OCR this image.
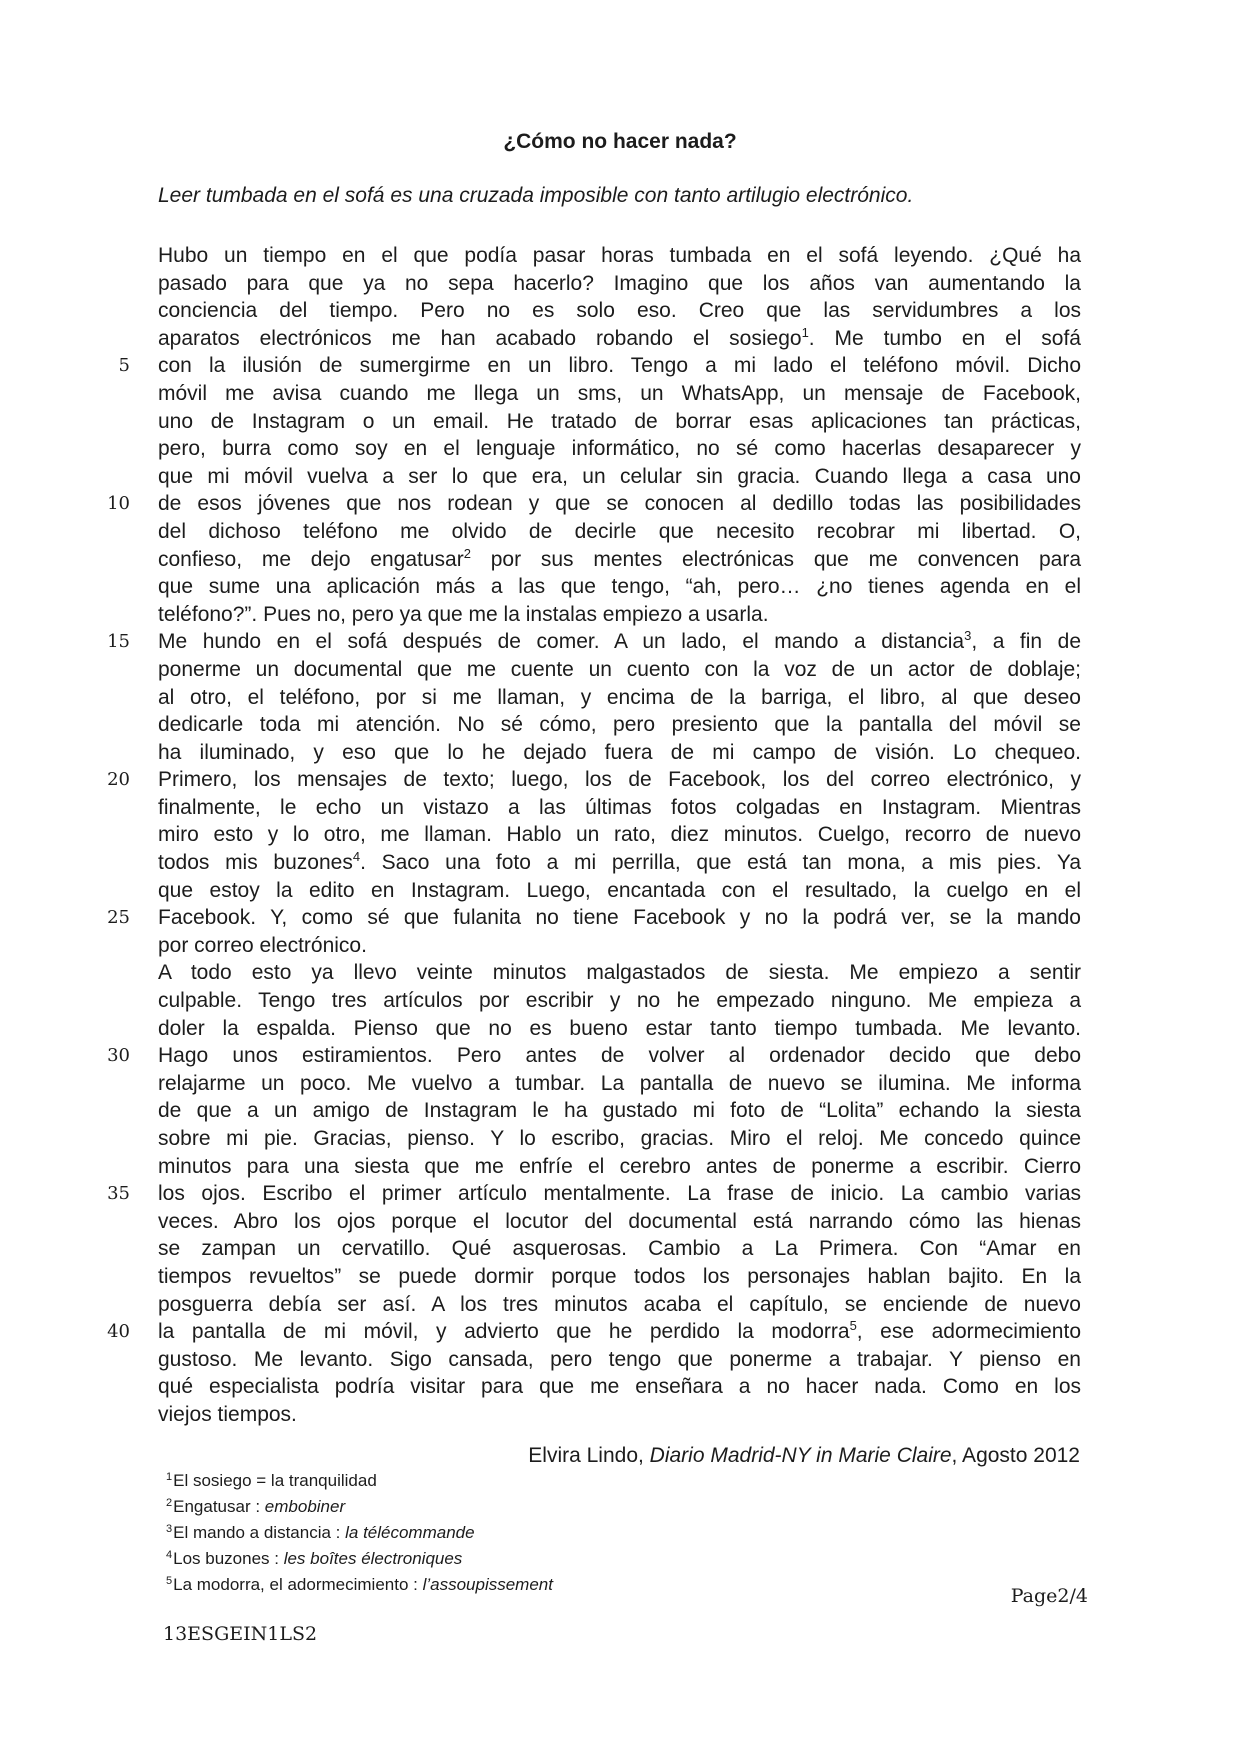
¿Cómo no hacer nada?
Leer tumbada en el sofá es una cruzada imposible con tanto artilugio electrónico.
5
10
15
20
25
30
35
40
Hubo un tiempo en el que podía pasar horas tumbada en el sofá leyendo. ¿Qué ha
pasado para que ya no sepa hacerlo? Imagino que los años van aumentando la
conciencia del tiempo. Pero no es solo eso. Creo que las servidumbres a los
aparatos electrónicos me han acabado robando el sosiego$^1$. Me tumbo en el sofá
con la ilusión de sumergirme en un libro. Tengo a mi lado el teléfono móvil. Dicho
móvil me avisa cuando me llega un sms, un WhatsApp, un mensaje de Facebook,
uno de Instagram o un email. He tratado de borrar esas aplicaciones tan prácticas,
pero, burra como soy en el lenguaje informático, no sé como hacerlas desaparecer y
que mi móvil vuelva a ser lo que era, un celular sin gracia. Cuando llega a casa uno
de esos jóvenes que nos rodean y que se conocen al dedillo todas las posibilidades
del dichoso teléfono me olvido de decirle que necesito recobrar mi libertad. O,
confieso, me dejo engatusar$^2$ por sus mentes electrónicas que me convencen para
que sume una aplicación más a las que tengo, “ah, pero… ¿no tienes agenda en el
teléfono?”. Pues no, pero ya que me la instalas empiezo a usarla.
Me hundo en el sofá después de comer. A un lado, el mando a distancia$^3$, a fin de
ponerme un documental que me cuente un cuento con la voz de un actor de doblaje;
al otro, el teléfono, por si me llaman, y encima de la barriga, el libro, al que deseo
dedicarle toda mi atención. No sé cómo, pero presiento que la pantalla del móvil se
ha iluminado, y eso que lo he dejado fuera de mi campo de visión. Lo chequeo.
Primero, los mensajes de texto; luego, los de Facebook, los del correo electrónico, y
finalmente, le echo un vistazo a las últimas fotos colgadas en Instagram. Mientras
miro esto y lo otro, me llaman. Hablo un rato, diez minutos. Cuelgo, recorro de nuevo
todos mis buzones$^4$. Saco una foto a mi perrilla, que está tan mona, a mis pies. Ya
que estoy la edito en Instagram. Luego, encantada con el resultado, la cuelgo en el
Facebook. Y, como sé que fulanita no tiene Facebook y no la podrá ver, se la mando
por correo electrónico.
A todo esto ya llevo veinte minutos malgastados de siesta. Me empiezo a sentir
culpable. Tengo tres artículos por escribir y no he empezado ninguno. Me empieza a
doler la espalda. Pienso que no es bueno estar tanto tiempo tumbada. Me levanto.
Hago unos estiramientos. Pero antes de volver al ordenador decido que debo
relajarme un poco. Me vuelvo a tumbar. La pantalla de nuevo se ilumina. Me informa
de que a un amigo de Instagram le ha gustado mi foto de “Lolita” echando la siesta
sobre mi pie. Gracias, pienso. Y lo escribo, gracias. Miro el reloj. Me concedo quince
minutos para una siesta que me enfríe el cerebro antes de ponerme a escribir. Cierro
los ojos. Escribo el primer artículo mentalmente. La frase de inicio. La cambio varias
veces. Abro los ojos porque el locutor del documental está narrando cómo las hienas
se zampan un cervatillo. Qué asquerosas. Cambio a La Primera. Con “Amar en
tiempos revueltos” se puede dormir porque todos los personajes hablan bajito. En la
posguerra debía ser así. A los tres minutos acaba el capítulo, se enciende de nuevo
la pantalla de mi móvil, y advierto que he perdido la modorra$^5$, ese adormecimiento
gustoso. Me levanto. Sigo cansada, pero tengo que ponerme a trabajar. Y pienso en
qué especialista podría visitar para que me enseñara a no hacer nada. Como en los
viejos tiempos.
Elvira Lindo, Diario Madrid-NY in Marie Claire, Agosto 2012
$^1$El sosiego = la tranquilidad
$^2$Engatusar : embobiner
$^3$El mando a distancia : la télécommande
$^4$Los buzones : les boîtes électroniques
$^5$La modorra, el adormecimiento : l’assoupissement
Page2/4
13ESGEIN1LS2
